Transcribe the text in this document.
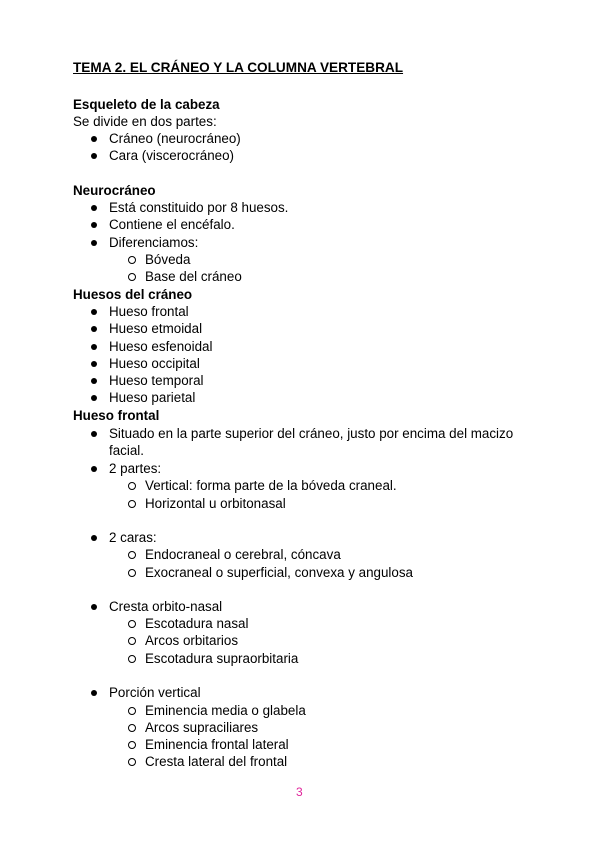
TEMA 2. EL CRÁNEO Y LA COLUMNA VERTEBRAL
Esqueleto de la cabeza
Se divide en dos partes:
Cráneo (neurocráneo)
Cara (viscerocráneo)
Neurocráneo
Está constituido por 8 huesos.
Contiene el encéfalo.
Diferenciamos:
Bóveda
Base del cráneo
Huesos del cráneo
Hueso frontal
Hueso etmoidal
Hueso esfenoidal
Hueso occipital
Hueso temporal
Hueso parietal
Hueso frontal
Situado en la parte superior del cráneo, justo por encima del macizo
facial.
2 partes:
Vertical: forma parte de la bóveda craneal.
Horizontal u orbitonasal
2 caras:
Endocraneal o cerebral, cóncava
Exocraneal o superficial, convexa y angulosa
Cresta orbito-nasal
Escotadura nasal
Arcos orbitarios
Escotadura supraorbitaria
Porción vertical
Eminencia media o glabela
Arcos supraciliares
Eminencia frontal lateral
Cresta lateral del frontal
3
